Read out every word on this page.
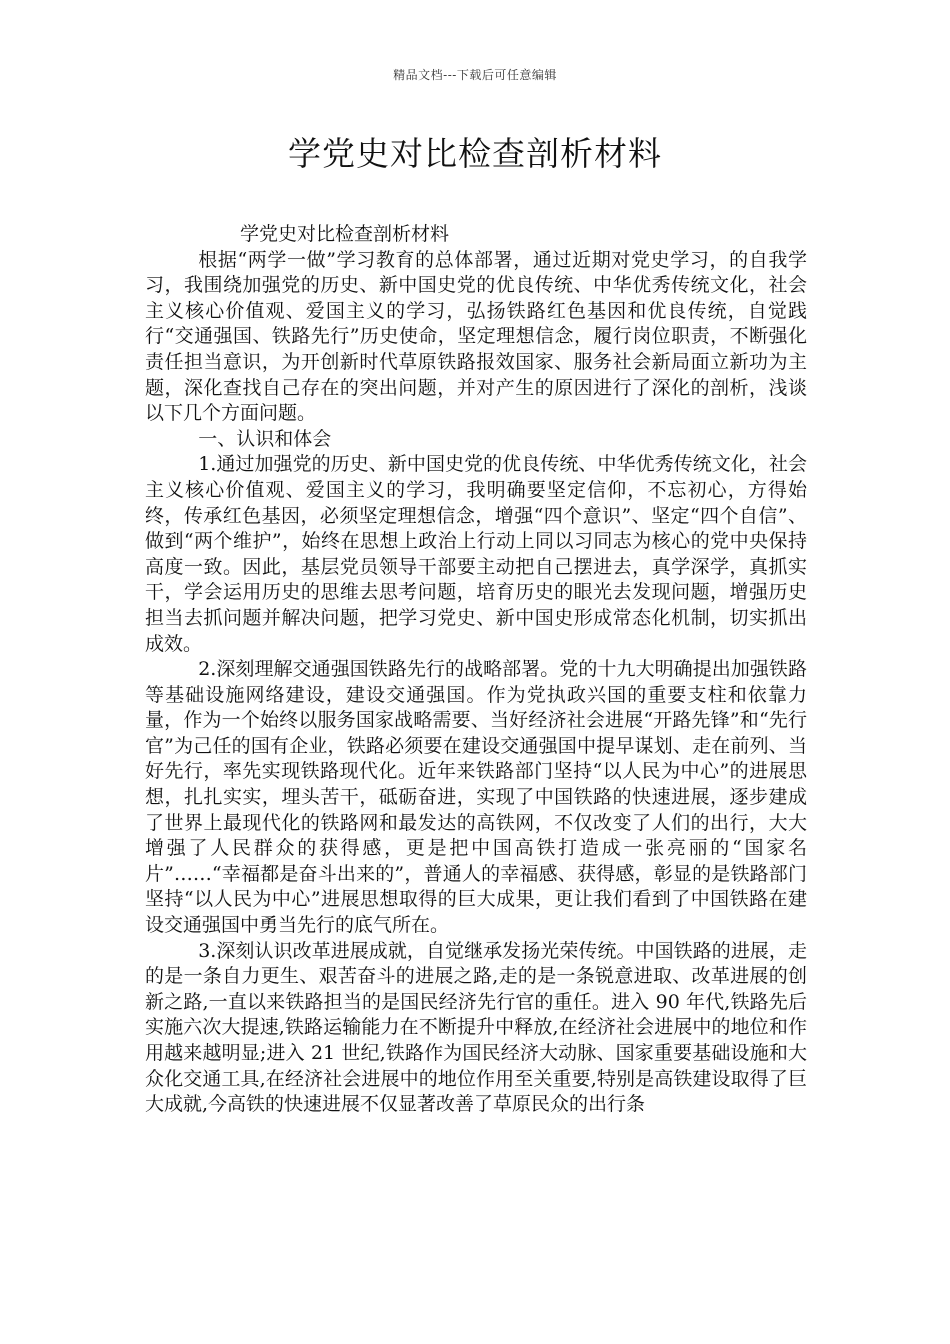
精品文档---下载后可任意编辑
学党史对比检查剖析材料

学党史对比检查剖析材料

根据“两学一做”学习教育的总体部署，通过近期对党史学习，的自我学习，我围绕加强党的历史、新中国史党的优良传统、中华优秀传统文化，社会主义核心价值观、爱国主义的学习，弘扬铁路红色基因和优良传统，自觉践行“交通强国、铁路先行”历史使命，坚定理想信念，履行岗位职责，不断强化责任担当意识，为开创新时代草原铁路报效国家、服务社会新局面立新功为主题，深化查找自己存在的突出问题，并对产生的原因进行了深化的剖析，浅谈以下几个方面问题。

一、认识和体会

1.通过加强党的历史、新中国史党的优良传统、中华优秀传统文化，社会主义核心价值观、爱国主义的学习，我明确要坚定信仰，不忘初心，方得始终，传承红色基因，必须坚定理想信念，增强“四个意识”、坚定“四个自信”、做到“两个维护”，始终在思想上政治上行动上同以习同志为核心的党中央保持高度一致。因此，基层党员领导干部要主动把自己摆进去，真学深学，真抓实干，学会运用历史的思维去思考问题，培育历史的眼光去发现问题，增强历史担当去抓问题并解决问题，把学习党史、新中国史形成常态化机制，切实抓出成效。

2.深刻理解交通强国铁路先行的战略部署。党的十九大明确提出加强铁路等基础设施网络建设，建设交通强国。作为党执政兴国的重要支柱和依靠力量，作为一个始终以服务国家战略需要、当好经济社会进展“开路先锋”和“先行官”为己任的国有企业，铁路必须要在建设交通强国中提早谋划、走在前列、当好先行，率先实现铁路现代化。近年来铁路部门坚持“以人民为中心”的进展思想，扎扎实实，埋头苦干，砥砺奋进，实现了中国铁路的快速进展，逐步建成了世界上最现代化的铁路网和最发达的高铁网，不仅改变了人们的出行，大大增强了人民群众的获得感，更是把中国高铁打造成一张亮丽的“国家名片”……“幸福都是奋斗出来的”，普通人的幸福感、获得感，彰显的是铁路部门坚持“以人民为中心”进展思想取得的巨大成果，更让我们看到了中国铁路在建设交通强国中勇当先行的底气所在。

3.深刻认识改革进展成就，自觉继承发扬光荣传统。中国铁路的进展，走的是一条自力更生、艰苦奋斗的进展之路,走的是一条锐意进取、改革进展的创新之路,一直以来铁路担当的是国民经济先行官的重任。进入 90 年代,铁路先后实施六次大提速,铁路运输能力在不断提升中释放,在经济社会进展中的地位和作用越来越明显;进入 21 世纪,铁路作为国民经济大动脉、国家重要基础设施和大众化交通工具,在经济社会进展中的地位作用至关重要,特别是高铁建设取得了巨大成就,今高铁的快速进展不仅显著改善了草原民众的出行条
